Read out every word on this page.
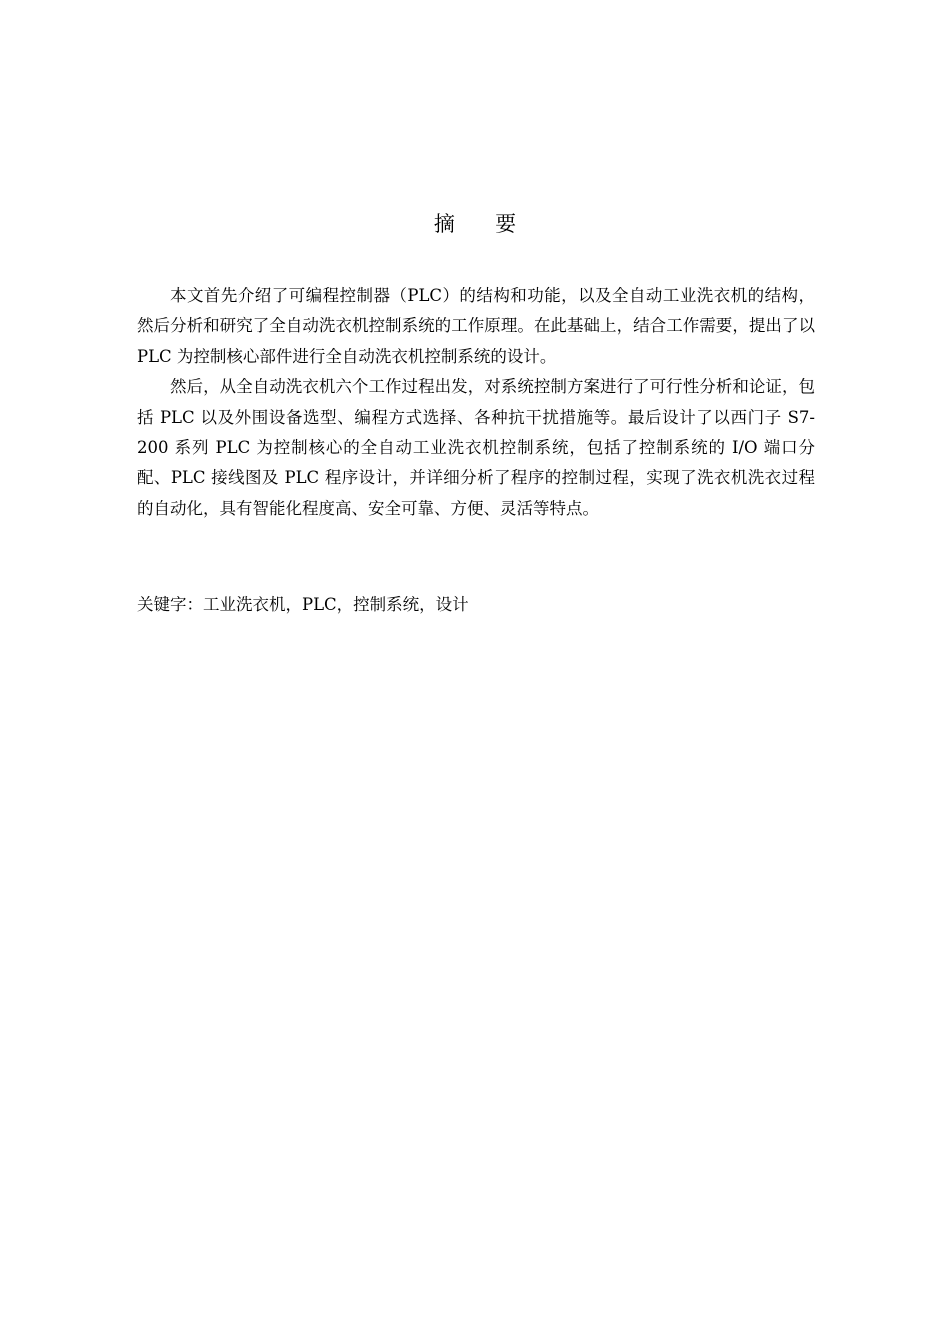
摘 要

本文首先介绍了可编程控制器（PLC）的结构和功能，以及全自动工业洗衣机的结构，然后分析和研究了全自动洗衣机控制系统的工作原理。在此基础上，结合工作需要，提出了以 PLC 为控制核心部件进行全自动洗衣机控制系统的设计。

然后，从全自动洗衣机六个工作过程出发，对系统控制方案进行了可行性分析和论证，包括 PLC 以及外围设备选型、编程方式选择、各种抗干扰措施等。最后设计了以西门子 S7-200 系列 PLC 为控制核心的全自动工业洗衣机控制系统，包括了控制系统的 I/O 端口分配、PLC 接线图及 PLC 程序设计，并详细分析了程序的控制过程，实现了洗衣机洗衣过程的自动化，具有智能化程度高、安全可靠、方便、灵活等特点。

关键字：工业洗衣机，PLC，控制系统，设计
